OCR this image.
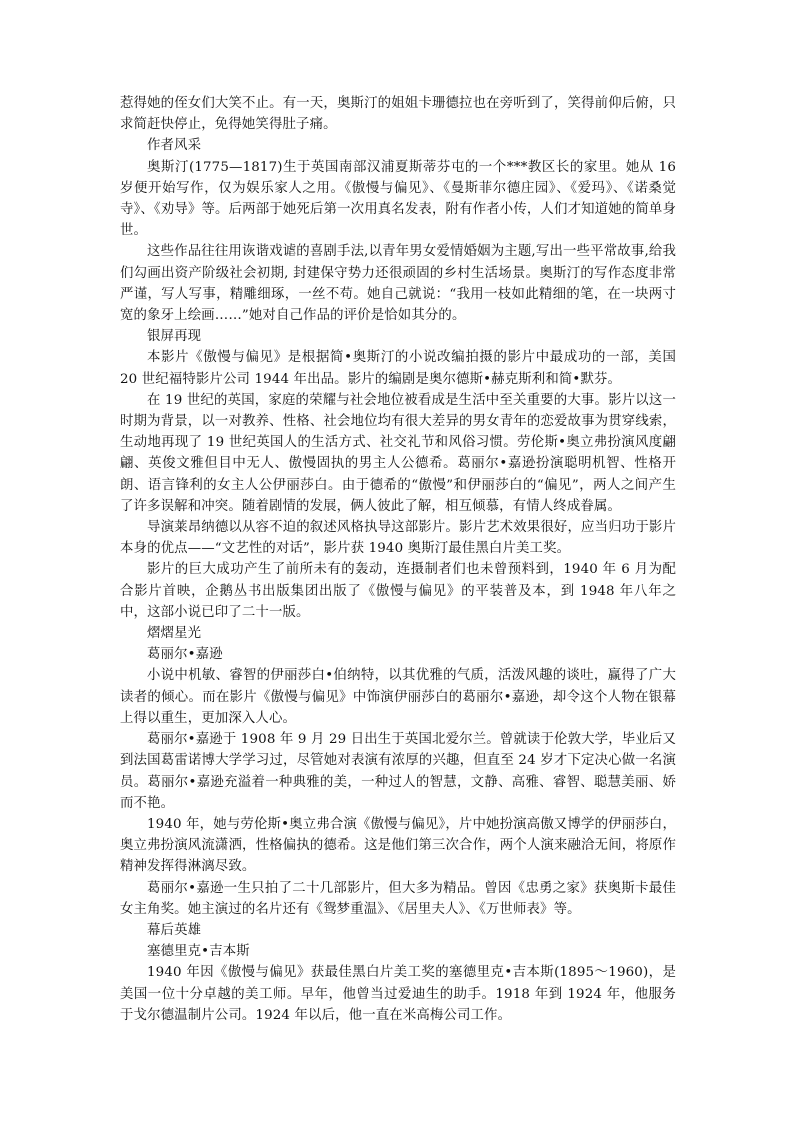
惹得她的侄女们大笑不止。有一天，奥斯汀的姐姐卡珊德拉也在旁听到了，笑得前仰后俯，只求简赶快停止，免得她笑得肚子痛。

作者风采

奥斯汀(1775—1817)生于英国南部汉浦夏斯蒂芬屯的一个***教区长的家里。她从 16 岁便开始写作，仅为娱乐家人之用。《傲慢与偏见》、《曼斯菲尔德庄园》、《爱玛》、《诺桑觉寺》、《劝导》等。后两部于她死后第一次用真名发表，附有作者小传，人们才知道她的简单身世。

这些作品往往用诙谐戏谑的喜剧手法,以青年男女爱情婚姻为主题,写出一些平常故事,给我们勾画出资产阶级社会初期, 封建保守势力还很顽固的乡村生活场景。奥斯汀的写作态度非常严谨，写人写事，精雕细琢，一丝不苟。她自己就说：“我用一枝如此精细的笔，在一块两寸宽的象牙上绘画……”她对自己作品的评价是恰如其分的。

银屏再现

本影片《傲慢与偏见》是根据简•奥斯汀的小说改编拍摄的影片中最成功的一部，美国 20 世纪福特影片公司 1944 年出品。影片的编剧是奥尔德斯•赫克斯利和简•默芬。

在 19 世纪的英国，家庭的荣耀与社会地位被看成是生活中至关重要的大事。影片以这一时期为背景，以一对教养、性格、社会地位均有很大差异的男女青年的恋爱故事为贯穿线索，生动地再现了 19 世纪英国人的生活方式、社交礼节和风俗习惯。劳伦斯•奥立弗扮演风度翩翩、英俊文雅但目中无人、傲慢固执的男主人公德希。葛丽尔•嘉逊扮演聪明机智、性格开朗、语言锋利的女主人公伊丽莎白。由于德希的“傲慢”和伊丽莎白的“偏见”，两人之间产生了许多误解和冲突。随着剧情的发展，俩人彼此了解，相互倾慕，有情人终成眷属。

导演莱昂纳德以从容不迫的叙述风格执导这部影片。影片艺术效果很好，应当归功于影片本身的优点——“文艺性的对话”，影片获 1940 奥斯汀最佳黑白片美工奖。

影片的巨大成功产生了前所未有的轰动，连摄制者们也未曾预料到，1940 年 6 月为配合影片首映，企鹅丛书出版集团出版了《傲慢与偏见》的平装普及本，到 1948 年八年之中，这部小说已印了二十一版。

熠熠星光

葛丽尔•嘉逊

小说中机敏、睿智的伊丽莎白•伯纳特，以其优雅的气质，活泼风趣的谈吐，赢得了广大读者的倾心。而在影片《傲慢与偏见》中饰演伊丽莎白的葛丽尔•嘉逊，却令这个人物在银幕上得以重生，更加深入人心。

葛丽尔•嘉逊于 1908 年 9 月 29 日出生于英国北爱尔兰。曾就读于伦敦大学，毕业后又到法国葛雷诺博大学学习过，尽管她对表演有浓厚的兴趣，但直至 24 岁才下定决心做一名演员。葛丽尔•嘉逊充溢着一种典雅的美，一种过人的智慧，文静、高雅、睿智、聪慧美丽、娇而不艳。

1940 年，她与劳伦斯•奥立弗合演《傲慢与偏见》，片中她扮演高傲又博学的伊丽莎白，奥立弗扮演风流潇洒，性格偏执的德希。这是他们第三次合作，两个人演来融洽无间，将原作精神发挥得淋漓尽致。

葛丽尔•嘉逊一生只拍了二十几部影片，但大多为精品。曾因《忠勇之家》获奥斯卡最佳女主角奖。她主演过的名片还有《鸳梦重温》、《居里夫人》、《万世师表》等。

幕后英雄

塞德里克•吉本斯

1940 年因《傲慢与偏见》获最佳黑白片美工奖的塞德里克•吉本斯(1895～1960)，是美国一位十分卓越的美工师。早年，他曾当过爱迪生的助手。1918 年到 1924 年，他服务于戈尔德温制片公司。1924 年以后，他一直在米高梅公司工作。
